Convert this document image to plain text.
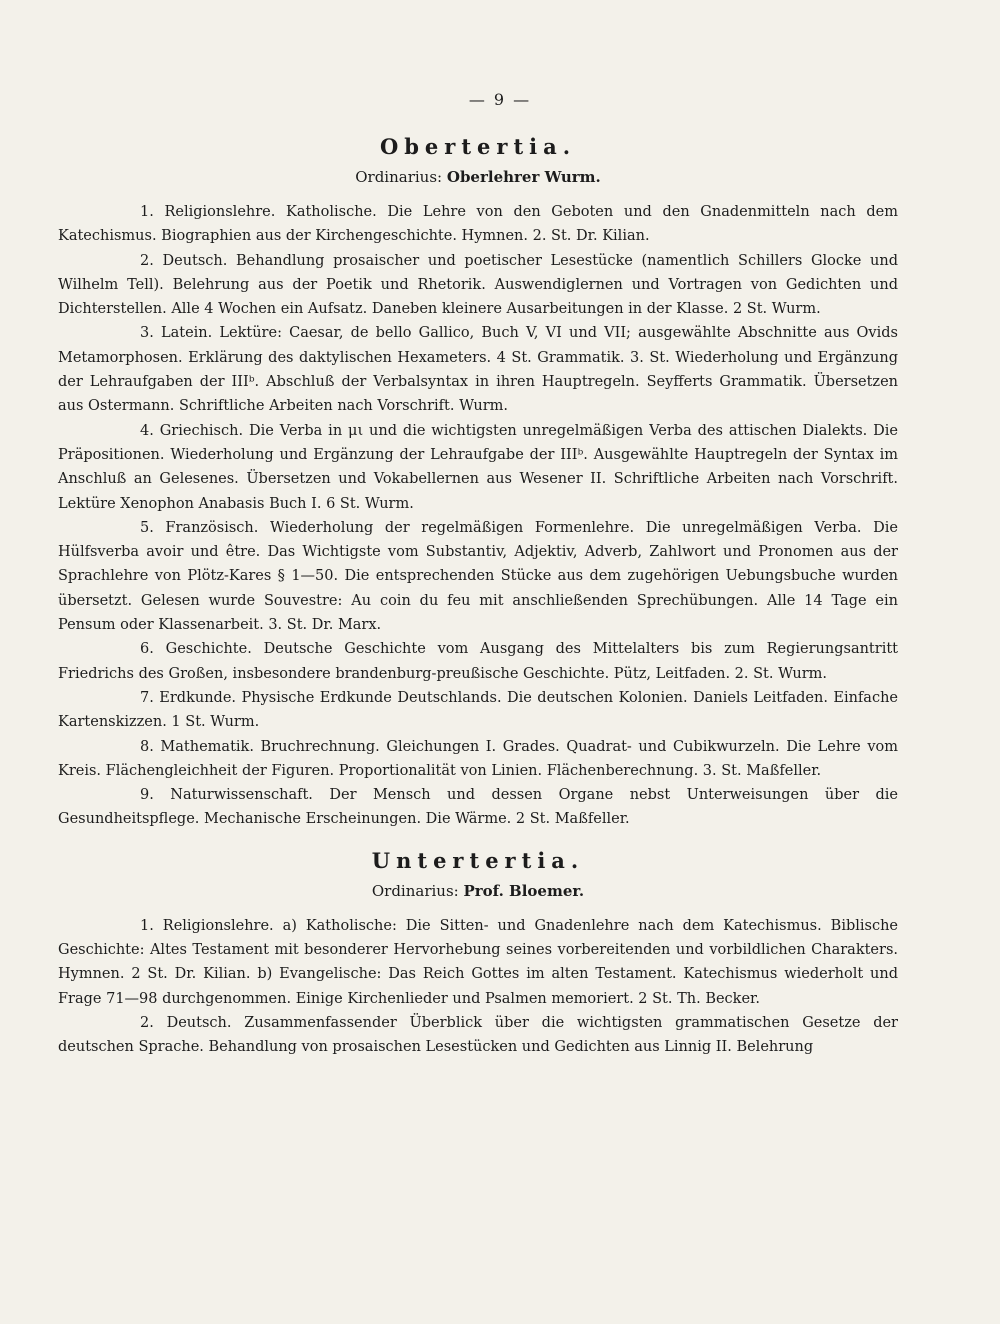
— 9 —
Obertertia.
Ordinarius: Oberlehrer Wurm.

1. Religionslehre. Katholische. Die Lehre von den Geboten und den Gnadenmitteln nach dem Katechismus. Biographien aus der Kirchengeschichte. Hymnen. 2. St. Dr. Kilian.

2. Deutsch. Behandlung prosaischer und poetischer Lesestücke (namentlich Schillers Glocke und Wilhelm Tell). Belehrung aus der Poetik und Rhetorik. Auswendiglernen und Vortragen von Gedichten und Dichterstellen. Alle 4 Wochen ein Aufsatz. Daneben kleinere Ausarbeitungen in der Klasse. 2 St. Wurm.

3. Latein. Lektüre: Caesar, de bello Gallico, Buch V, VI und VII; ausgewählte Abschnitte aus Ovids Metamorphosen. Erklärung des daktylischen Hexameters. 4 St. Grammatik. 3. St. Wiederholung und Ergänzung der Lehraufgaben der IIIᵇ. Abschluß der Verbalsyntax in ihren Hauptregeln. Seyfferts Grammatik. Übersetzen aus Ostermann. Schriftliche Arbeiten nach Vorschrift. Wurm.

4. Griechisch. Die Verba in μι und die wichtigsten unregelmäßigen Verba des attischen Dialekts. Die Präpositionen. Wiederholung und Ergänzung der Lehraufgabe der IIIᵇ. Ausgewählte Hauptregeln der Syntax im Anschluß an Gelesenes. Übersetzen und Vokabellernen aus Wesener II. Schriftliche Arbeiten nach Vorschrift. Lektüre Xenophon Anabasis Buch I. 6 St. Wurm.

5. Französisch. Wiederholung der regelmäßigen Formenlehre. Die unregelmäßigen Verba. Die Hülfsverba avoir und être. Das Wichtigste vom Substantiv, Adjektiv, Adverb, Zahlwort und Pronomen aus der Sprachlehre von Plötz-Kares § 1—50. Die entsprechenden Stücke aus dem zugehörigen Uebungsbuche wurden übersetzt. Gelesen wurde Souvestre: Au coin du feu mit anschließenden Sprechübungen. Alle 14 Tage ein Pensum oder Klassenarbeit. 3. St. Dr. Marx.

6. Geschichte. Deutsche Geschichte vom Ausgang des Mittelalters bis zum Regierungsantritt Friedrichs des Großen, insbesondere brandenburg-preußische Geschichte. Pütz, Leitfaden. 2. St. Wurm.

7. Erdkunde. Physische Erdkunde Deutschlands. Die deutschen Kolonien. Daniels Leitfaden. Einfache Kartenskizzen. 1 St. Wurm.

8. Mathematik. Bruchrechnung. Gleichungen I. Grades. Quadrat- und Cubikwurzeln. Die Lehre vom Kreis. Flächengleichheit der Figuren. Proportionalität von Linien. Flächenberechnung. 3. St. Maßfeller.

9. Naturwissenschaft. Der Mensch und dessen Organe nebst Unterweisungen über die Gesundheitspflege. Mechanische Erscheinungen. Die Wärme. 2 St. Maßfeller.

Untertertia.
Ordinarius: Prof. Bloemer.

1. Religionslehre. a) Katholische: Die Sitten- und Gnadenlehre nach dem Katechismus. Biblische Geschichte: Altes Testament mit besonderer Hervorhebung seines vorbereitenden und vorbildlichen Charakters. Hymnen. 2 St. Dr. Kilian. b) Evangelische: Das Reich Gottes im alten Testament. Katechismus wiederholt und Frage 71—98 durchgenommen. Einige Kirchenlieder und Psalmen memoriert. 2 St. Th. Becker.

2. Deutsch. Zusammenfassender Überblick über die wichtigsten grammatischen Gesetze der deutschen Sprache. Behandlung von prosaischen Lesestücken und Gedichten aus Linnig II. Belehrung
